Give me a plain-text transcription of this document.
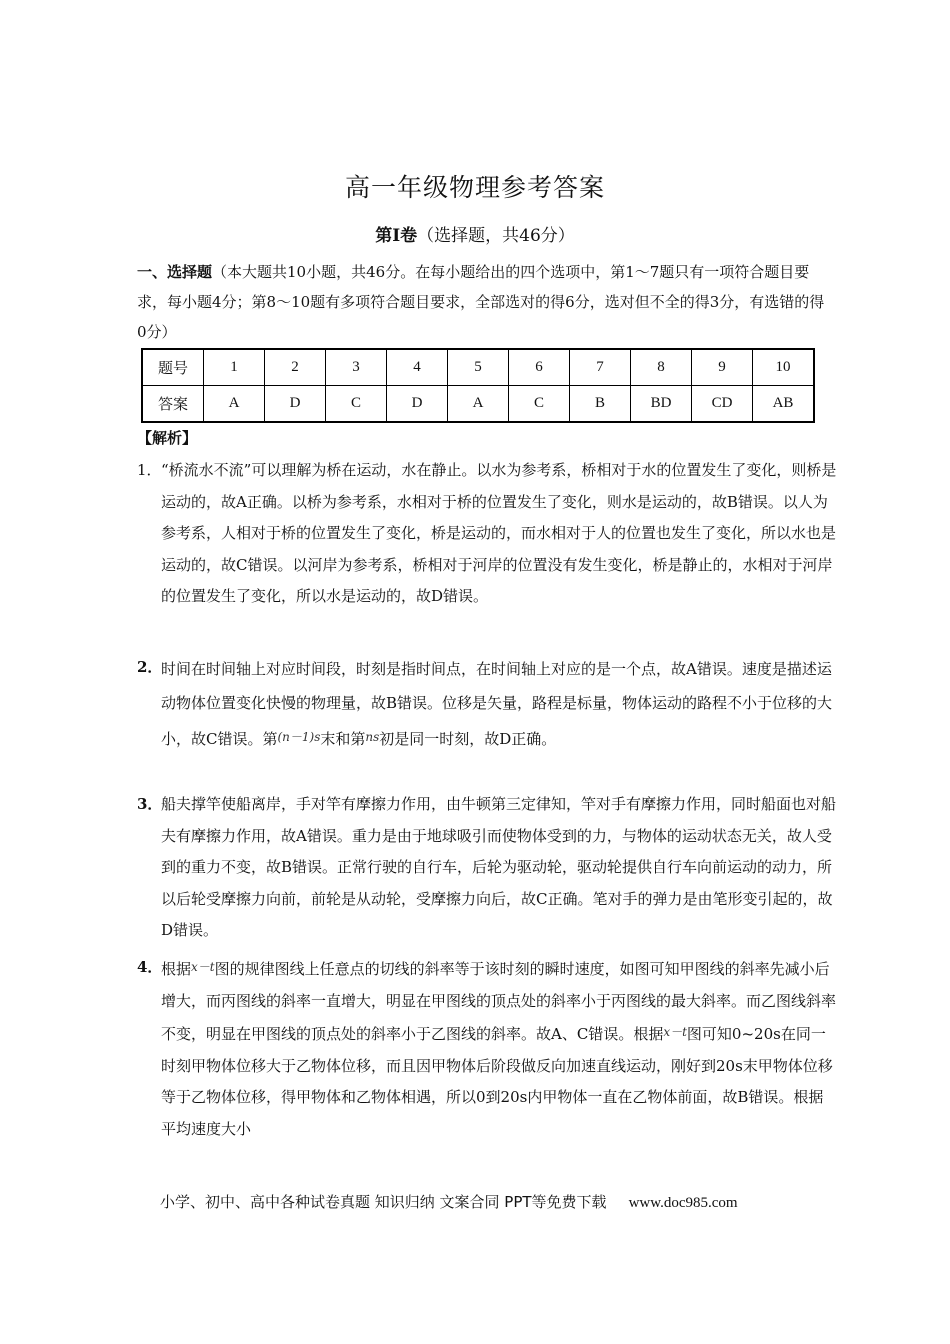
高一年级物理参考答案
第Ⅰ卷（选择题，共46分）
一、选择题（本大题共10小题，共46分。在每小题给出的四个选项中，第1～7题只有一项符合题目要求，每小题4分；第8～10题有多项符合题目要求，全部选对的得6分，选对但不全的得3分，有选错的得0分）
题号	1	2	3	4	5	6	7	8	9	10
答案	A	D	C	D	A	C	B	BD	CD	AB
【解析】
1． “桥流水不流”可以理解为桥在运动，水在静止。以水为参考系，桥相对于水的位置发生了变化，则桥是运动的，故A正确。以桥为参考系，水相对于桥的位置发生了变化，则水是运动的，故B错误。以人为参考系，人相对于桥的位置发生了变化，桥是运动的，而水相对于人的位置也发生了变化，所以水也是运动的，故C错误。以河岸为参考系，桥相对于河岸的位置没有发生变化，桥是静止的，水相对于河岸的位置发生了变化，所以水是运动的，故D错误。
2．
时间在时间轴上对应时间段，时刻是指时间点，在时间轴上对应的是一个点，故A错误。速度是描述运动物体位置变化快慢的物理量，故B错误。位移是矢量，路程是标量，物体运动的路程不小于位移的大小，故C错误。第$^{(n-1)s}$末和第$^{ns}$初是同一时刻，故D正确。
3．
船夫撑竿使船离岸，手对竿有摩擦力作用，由牛顿第三定律知，竿对手有摩擦力作用，同时船面也对船夫有摩擦力作用，故A错误。重力是由于地球吸引而使物体受到的力，与物体的运动状态无关，故人受到的重力不变，故B错误。正常行驶的自行车，后轮为驱动轮，驱动轮提供自行车向前运动的动力，所以后轮受摩擦力向前，前轮是从动轮，受摩擦力向后，故C正确。笔对手的弹力是由笔形变引起的，故D错误。
4．
根据$^{x-t}$图的规律图线上任意点的切线的斜率等于该时刻的瞬时速度，如图可知甲图线的斜率先减小后增大，而丙图线的斜率一直增大，明显在甲图线的顶点处的斜率小于丙图线的最大斜率。而乙图线斜率不变，明显在甲图线的顶点处的斜率小于乙图线的斜率。故A、C错误。根据$^{x-t}$图可知0~20s在同一时刻甲物体位移大于乙物体位移，而且因甲物体后阶段做反向加速直线运动，刚好到20s末甲物体位移等于乙物体位移，得甲物体和乙物体相遇，所以0到20s内甲物体一直在乙物体前面，故B错误。根据平均速度大小
小学、初中、高中各种试卷真题 知识归纳 文案合同 PPT等免费下载 www.doc985.com
